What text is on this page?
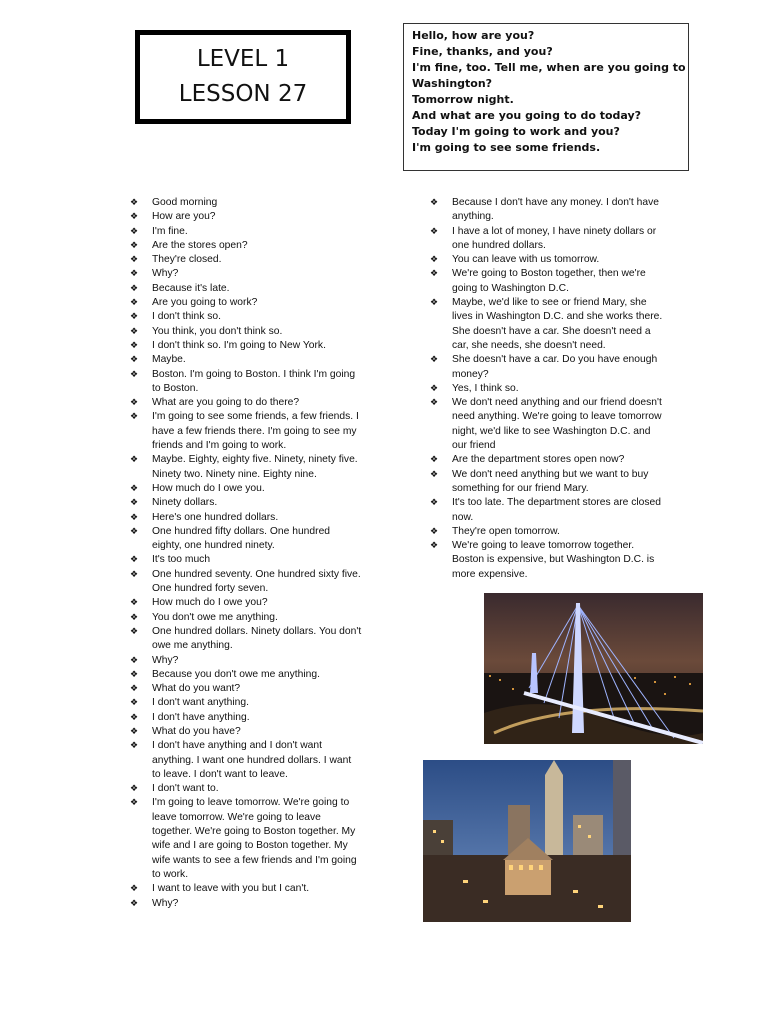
LEVEL 1
LESSON 27
Hello, how are you?
Fine, thanks, and you?
I'm fine, too. Tell me, when are you going to
Washington?
Tomorrow night.
And what are you going to do today?
Today I'm going to work and you?
I'm going to see some friends.
❖ Good morning
❖ How are you?
❖ I'm fine.
❖ Are the stores open?
❖ They're closed.
❖ Why?
❖ Because it's late.
❖ Are you going to work?
❖ I don't think so.
❖ You think, you don't think so.
❖ I don't think so. I'm going to New York.
❖ Maybe.
❖ Boston. I'm going to Boston. I think I'm going to Boston.
❖ What are you going to do there?
❖ I'm going to see some friends, a few friends. I have a few friends there. I'm going to see my friends and I'm going to work.
❖ Maybe. Eighty, eighty five. Ninety, ninety five. Ninety two. Ninety nine. Eighty nine.
❖ How much do I owe you.
❖ Ninety dollars.
❖ Here's one hundred dollars.
❖ One hundred fifty dollars. One hundred eighty, one hundred ninety.
❖ It's too much
❖ One hundred seventy. One hundred sixty five. One hundred forty seven.
❖ How much do I owe you?
❖ You don't owe me anything.
❖ One hundred dollars. Ninety dollars. You don't owe me anything.
❖ Why?
❖ Because you don't owe me anything.
❖ What do you want?
❖ I don't want anything.
❖ I don't have anything.
❖ What do you have?
❖ I don't have anything and I don't want anything. I want one hundred dollars. I want to leave. I don't want to leave.
❖ I don't want to.
❖ I'm going to leave tomorrow. We're going to leave tomorrow. We're going to leave together. We're going to Boston together. My wife and I are going to Boston together. My wife wants to see a few friends and I'm going to work.
❖ I want to leave with you but I can't.
❖ Why?
❖ Because I don't have any money. I don't have anything.
❖ I have a lot of money, I have ninety dollars or one hundred dollars.
❖ You can leave with us tomorrow.
❖ We're going to Boston together, then we're going to Washington D.C.
❖ Maybe, we'd like to see or friend Mary, she lives in Washington D.C. and she works there. She doesn't have a car. She doesn't need a car, she needs, she doesn't need.
❖ She doesn't have a car. Do you have enough money?
❖ Yes, I think so.
❖ We don't need anything and our friend doesn't need anything. We're going to leave tomorrow night, we'd like to see Washington D.C. and our friend
❖ Are the department stores open now?
❖ We don't need anything but we want to buy something for our friend Mary.
❖ It's too late. The department stores are closed now.
❖ They're open tomorrow.
❖ We're going to leave tomorrow together. Boston is expensive, but Washington D.C. is more expensive.
